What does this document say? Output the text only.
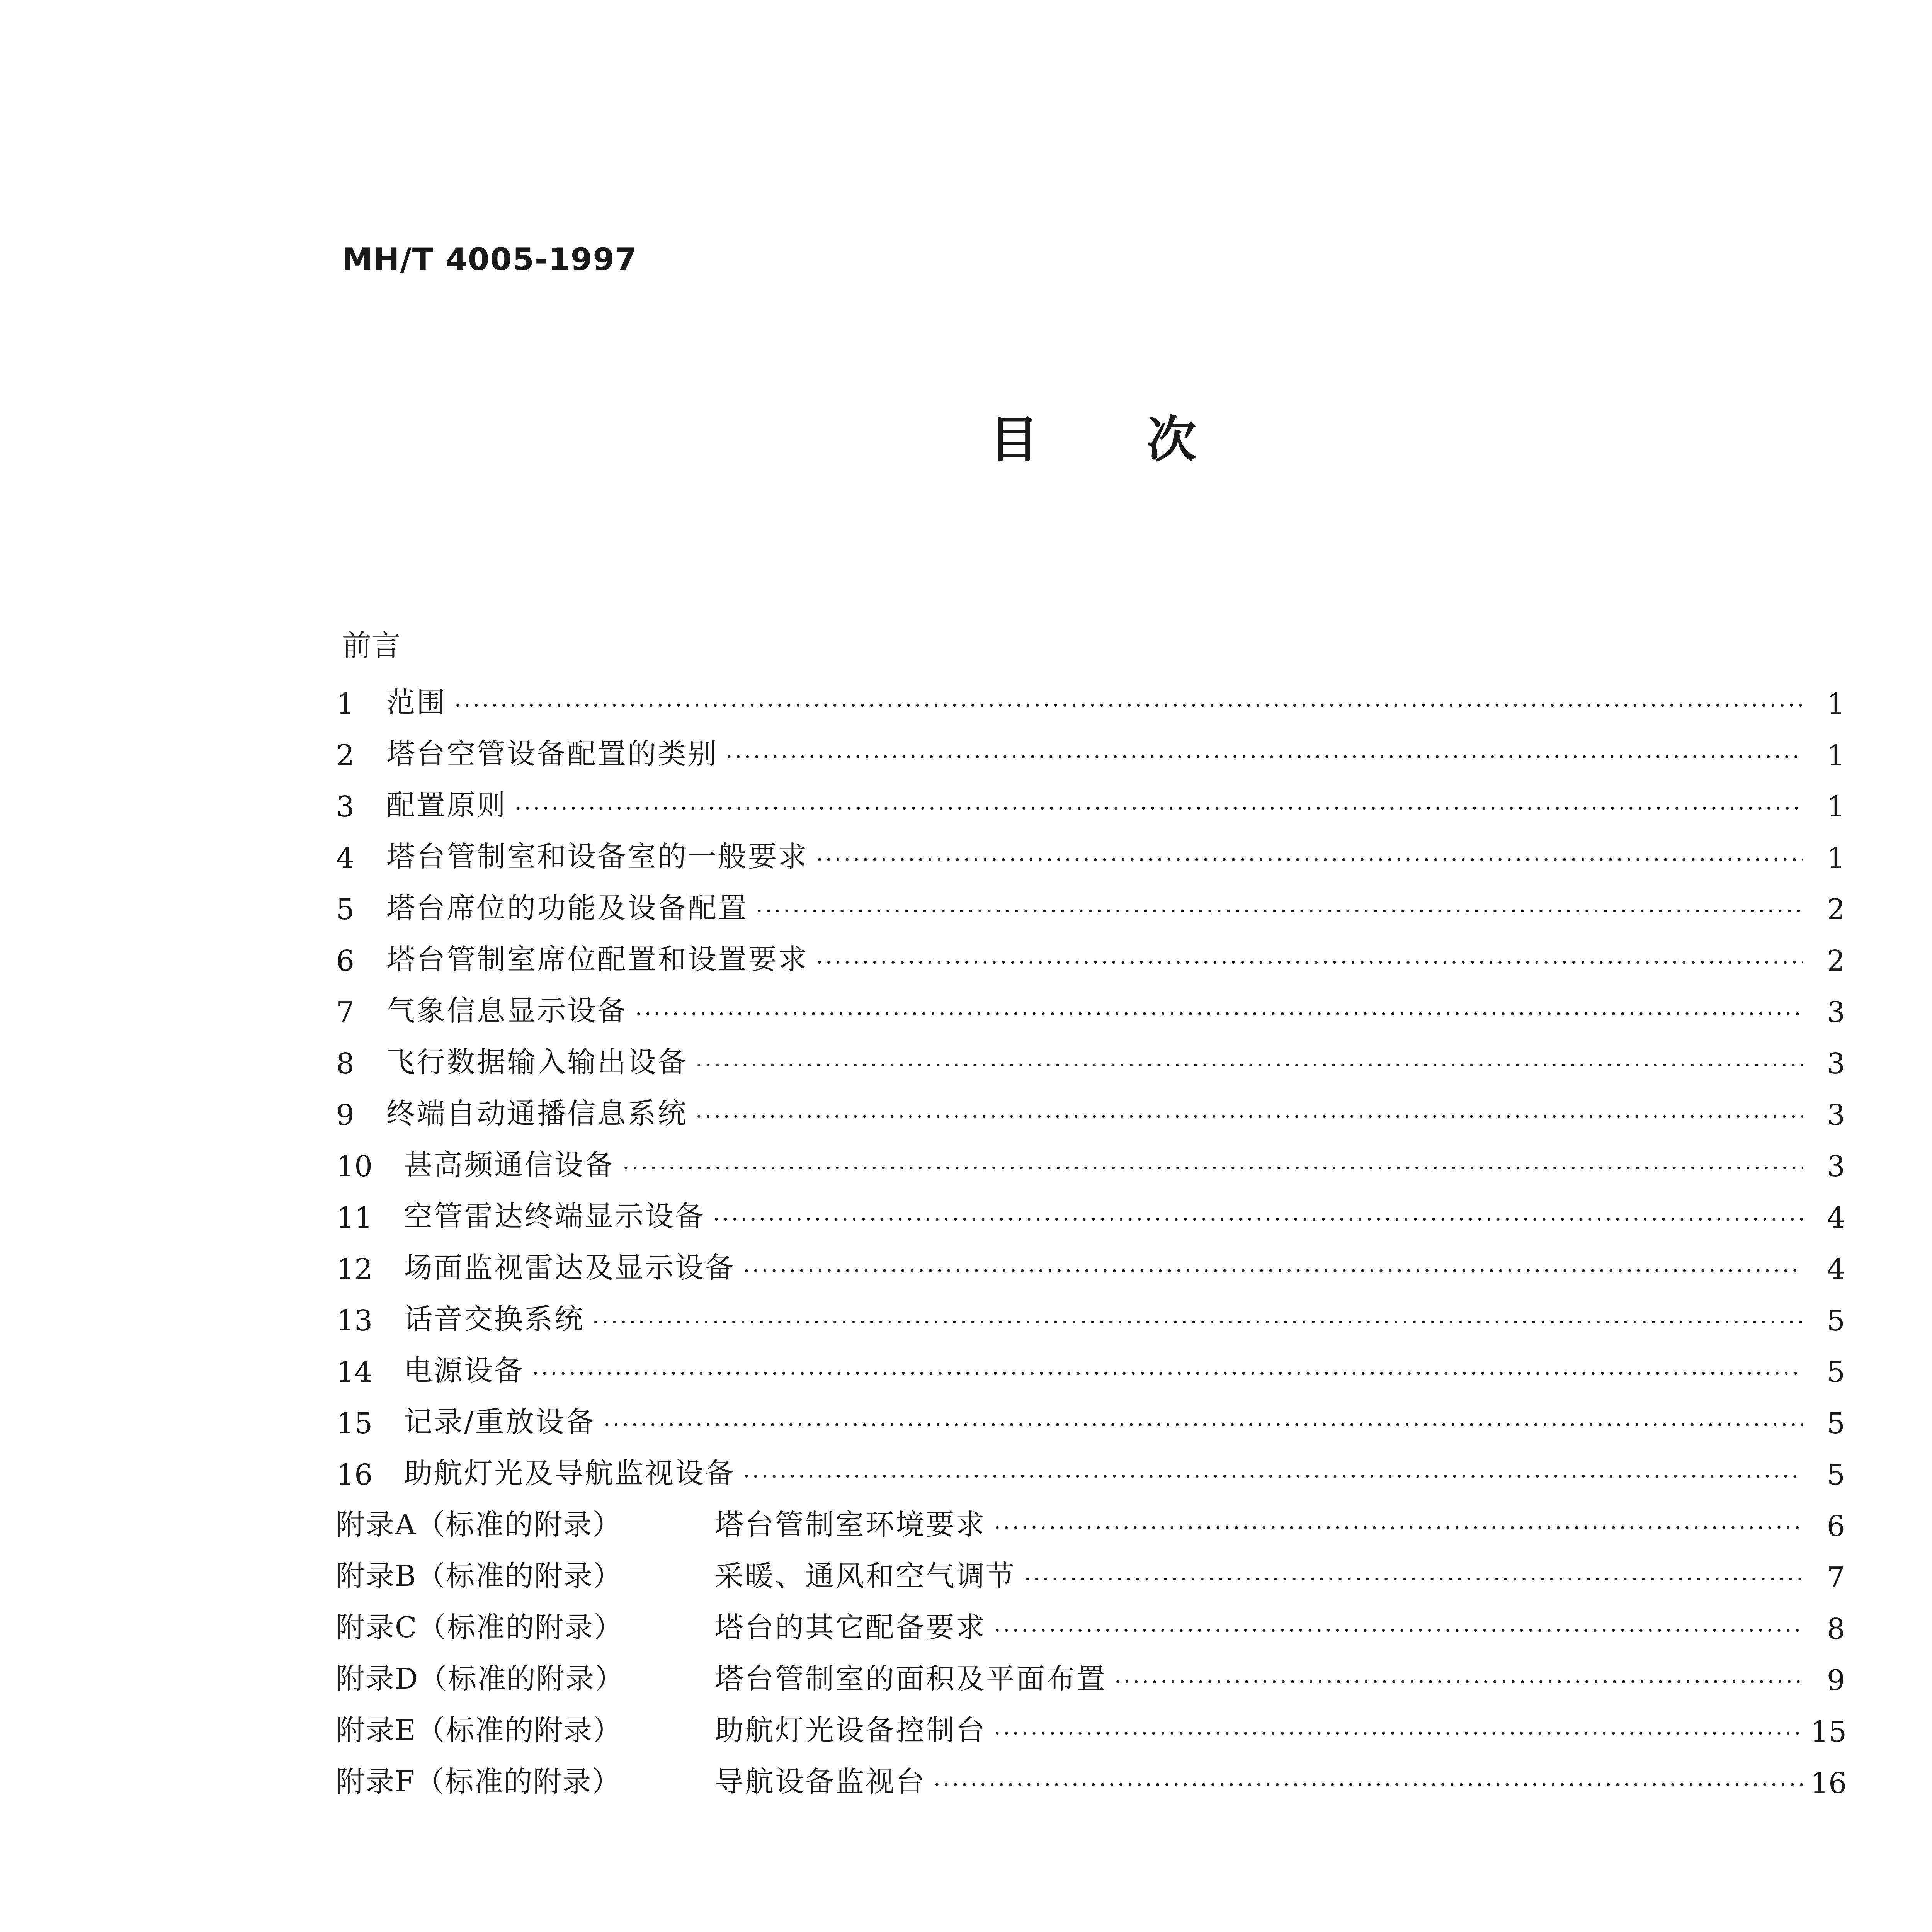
MH/T 4005-1997
目次
前言
1	范围 ·····	1
2	塔台空管设备配置的类别 ·····	1
3	配置原则 ·····	1
4	塔台管制室和设备室的一般要求 ·····	1
5	塔台席位的功能及设备配置 ·····	2
6	塔台管制室席位配置和设置要求 ·····	2
7	气象信息显示设备 ·····	3
8	飞行数据输入输出设备 ·····	3
9	终端自动通播信息系统 ·····	3
10	甚高频通信设备 ·····	3
11	空管雷达终端显示设备 ·····	4
12	场面监视雷达及显示设备 ·····	4
13	话音交换系统 ·····	5
14	电源设备 ·····	5
15	记录/重放设备 ·····	5
16	助航灯光及导航监视设备 ·····	5
附录A（标准的附录）	塔台管制室环境要求 ·····	6
附录B（标准的附录）	采暖、通风和空气调节 ·····	7
附录C（标准的附录）	塔台的其它配备要求 ·····	8
附录D（标准的附录）	塔台管制室的面积及平面布置 ·····	9
附录E（标准的附录）	助航灯光设备控制台 ·····	15
附录F（标准的附录）	导航设备监视台 ·····	16
